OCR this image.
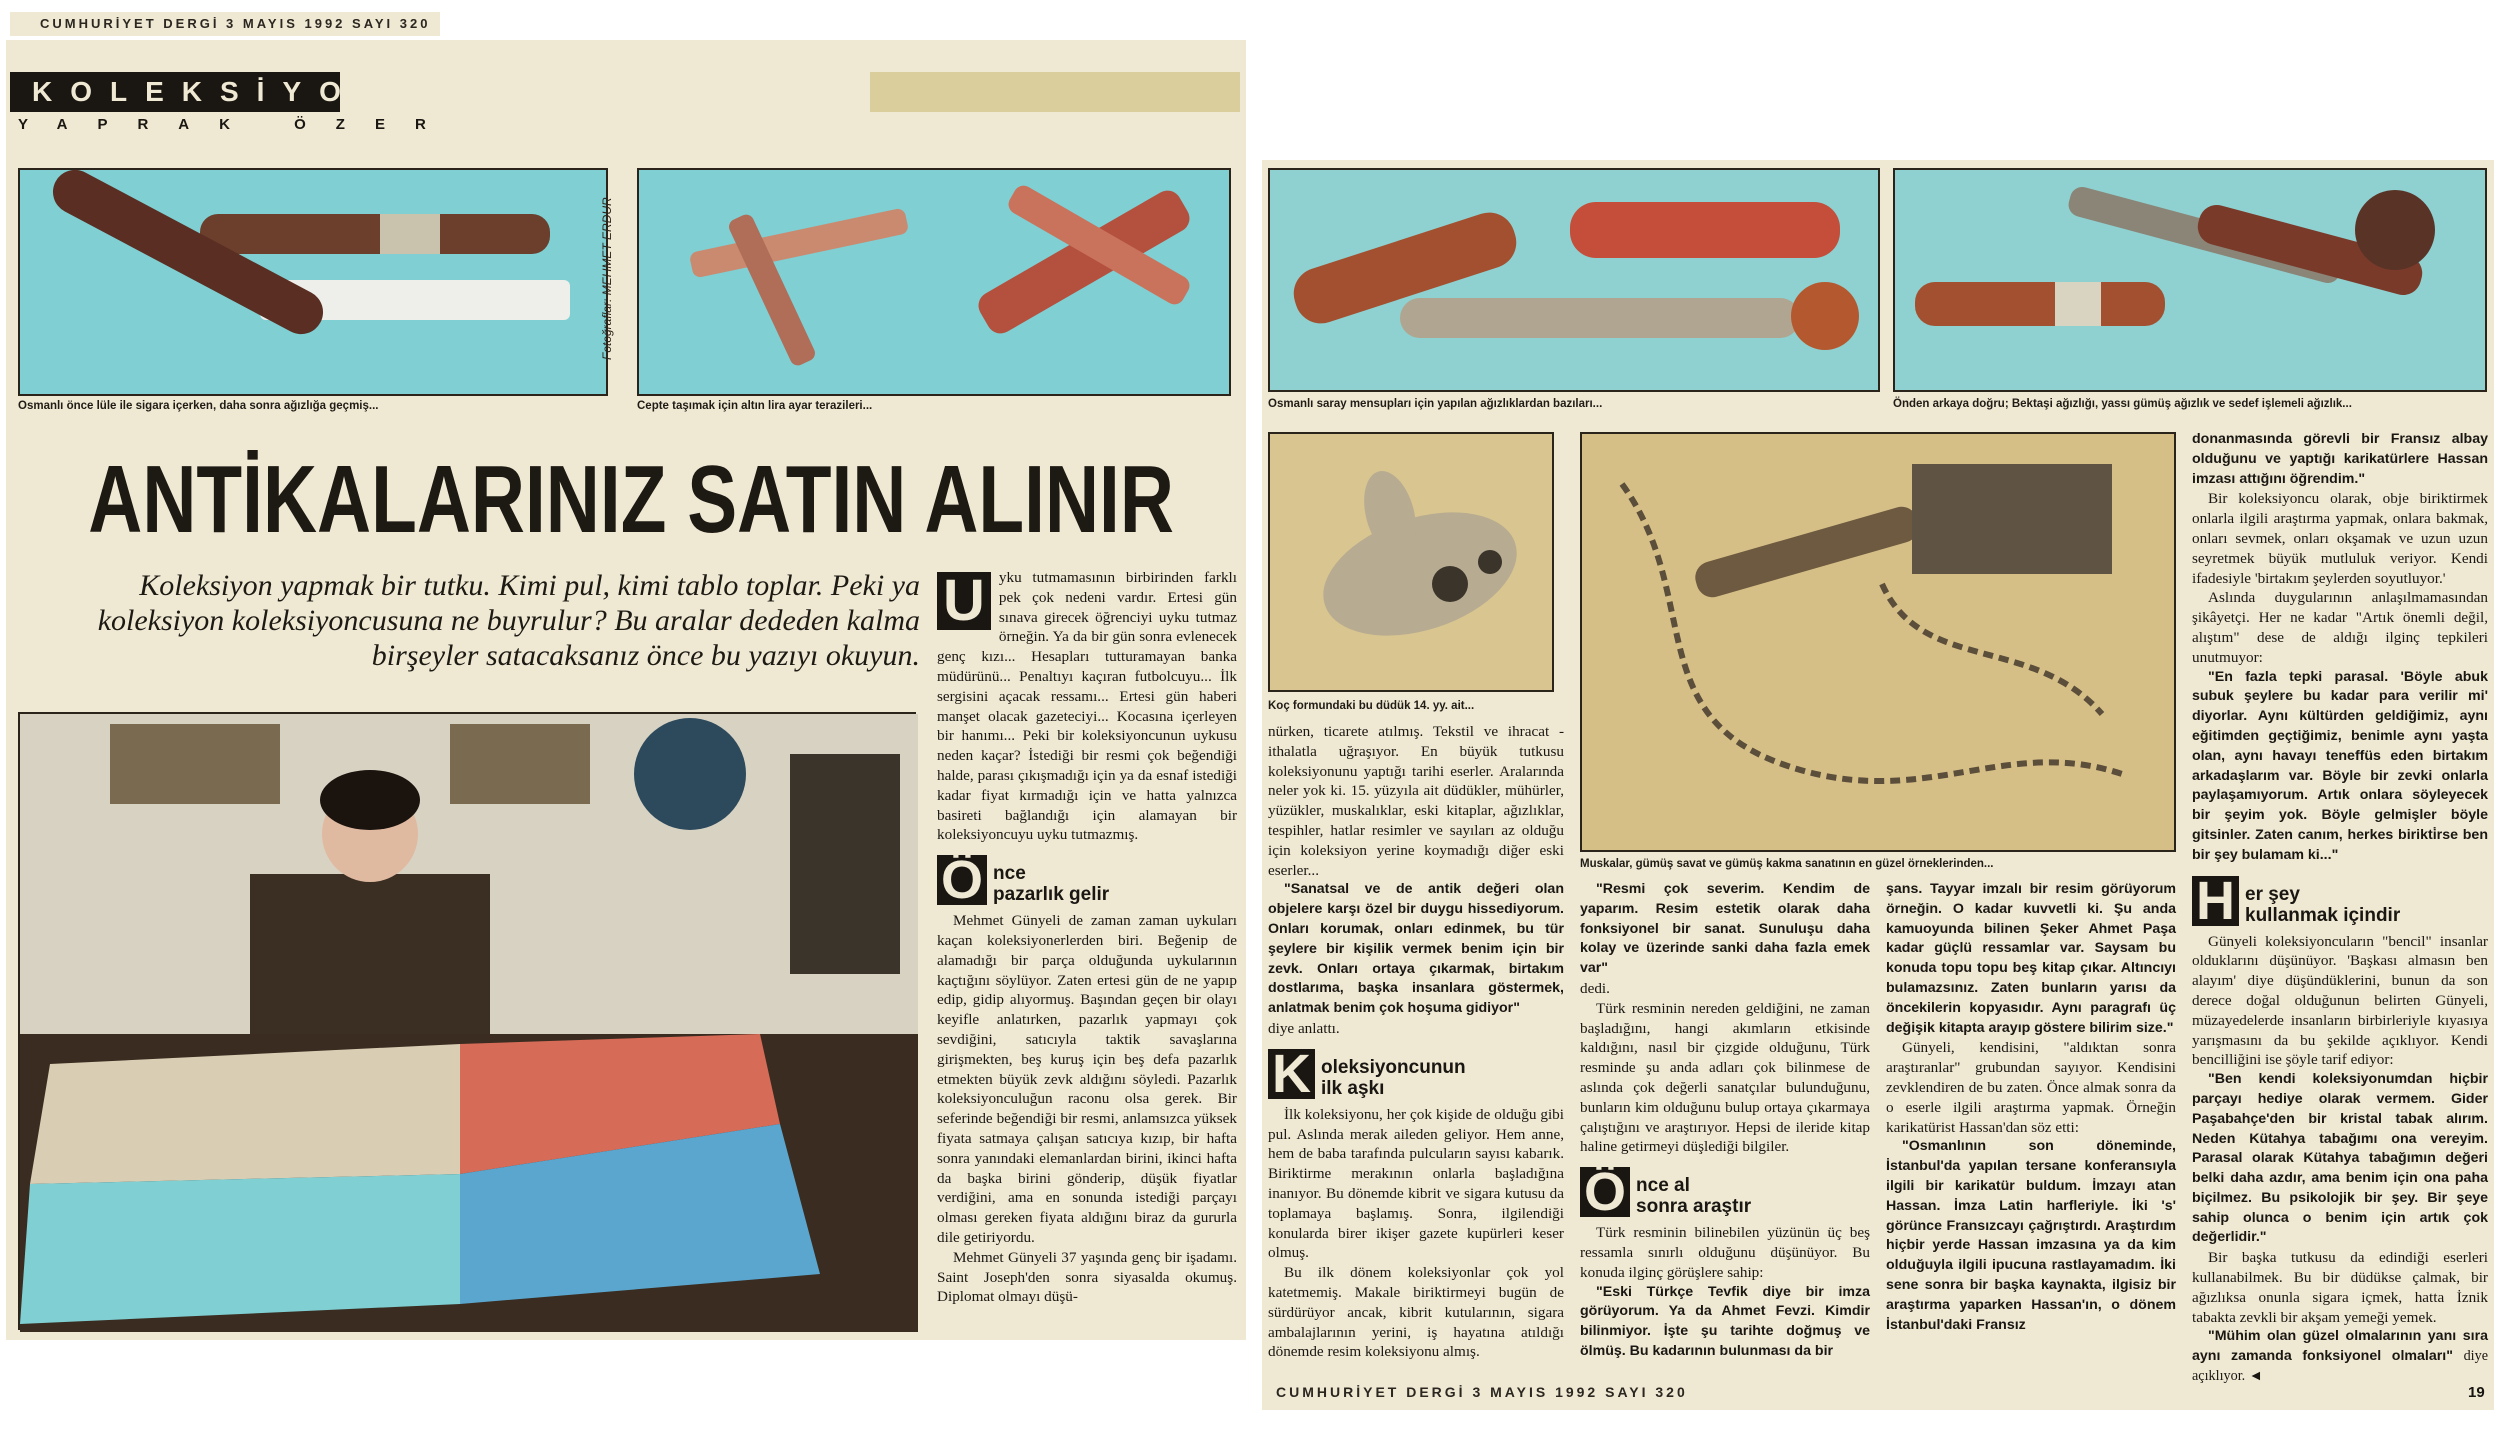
CUMHURİYET DERGİ 3 MAYIS 1992 SAYI 320
KOLEKSİYON
YAPRAK ÖZER
Osmanlı önce lüle ile sigara içerken, daha sonra ağızlığa geçmiş...
Fotoğraflar: MEHMET ERDUR
Cepte taşımak için altın lira ayar terazileri...
ANTİKALARINIZ SATIN ALINIR
Koleksiyon yapmak bir tutku. Kimi pul, kimi tablo toplar. Peki ya koleksiyon koleksiyoncusuna ne buyrulur? Bu aralar dededen kalma birşeyler satacaksanız önce bu yazıyı okuyun.

U yku tutmamasının birbirinden farklı pek çok nedeni vardır. Ertesi gün sınava girecek öğrenciyi uyku tutmaz örneğin. Ya da bir gün sonra evlenecek genç kızı... Hesapları tutturamayan banka müdürünü... Penaltıyı kaçıran futbolcuyu... İlk sergisini açacak ressamı... Ertesi gün haberi manşet olacak gazeteciyi... Kocasına içerleyen bir hanımı... Peki bir koleksiyoncunun uykusu neden kaçar? İstediği bir resmi çok beğendiği halde, parası çıkışmadığı için ya da esnaf istediği kadar fiyat kırmadığı için ve hatta yalnızca basireti bağlandığı için alamayan bir koleksiyoncuyu uyku tutmazmış.

Ö nce
pazarlık gelir

Mehmet Günyeli de zaman zaman uykuları kaçan koleksiyonerlerden biri. Beğenip de alamadığı bir parça olduğunda uykularının kaçtığını söylüyor. Zaten ertesi gün de ne yapıp edip, gidip alıyormuş. Başından geçen bir olayı keyifle anlatırken, pazarlık yapmayı çok sevdiğini, satıcıyla taktik savaşlarına girişmekten, beş kuruş için beş defa pazarlık etmekten büyük zevk aldığını söyledi. Pazarlık koleksiyonculuğun raconu olsa gerek. Bir seferinde beğendiği bir resmi, anlamsızca yüksek fiyata satmaya çalışan satıcıya kızıp, bir hafta sonra yanındaki elemanlardan birini, ikinci hafta da başka birini gönderip, düşük fiyatlar verdiğini, ama en sonunda istediği parçayı olması gereken fiyata aldığını biraz da gururla dile getiriyordu.

Mehmet Günyeli 37 yaşında genç bir işadamı. Saint Joseph'den sonra siyasalda okumuş. Diplomat olmayı düşü-

Osmanlı saray mensupları için yapılan ağızlıklardan bazıları...	Önden arkaya doğru; Bektaşi ağızlığı, yassı gümüş ağızlık ve sedef işlemeli ağızlık...
Koç formundaki bu düdük 14. yy. ait...
Muskalar, gümüş savat ve gümüş kakma sanatının en güzel örneklerinden...

nürken, ticarete atılmış. Tekstil ve ihracat - ithalatla uğraşıyor. En büyük tutkusu koleksiyonunu yaptığı tarihi eserler. Aralarında neler yok ki. 15. yüzyıla ait düdükler, mühürler, yüzükler, muskalıklar, eski kitaplar, ağızlıklar, tespihler, hatlar resimler ve sayıları az olduğu için koleksiyon yerine koymadığı diğer eski eserler...

"Sanatsal ve de antik değeri olan objelere karşı özel bir duygu hissediyorum. Onları korumak, onları edinmek, bu tür şeylere bir kişilik vermek benim için bir zevk. Onları ortaya çıkarmak, birtakım dostlarıma, başka insanlara göstermek, anlatmak benim çok hoşuma gidiyor"

diye anlattı.

K oleksiyoncunun
ilk aşkı

İlk koleksiyonu, her çok kişide de olduğu gibi pul. Aslında merak aileden geliyor. Hem anne, hem de baba tarafında pulcuların sayısı kabarık. Biriktirme merakının onlarla başladığına inanıyor. Bu dönemde kibrit ve sigara kutusu da toplamaya başlamış. Sonra, ilgilendiği konularda birer ikişer gazete kupürleri keser olmuş.

Bu ilk dönem koleksiyonlar çok yol katetmemiş. Makale biriktirmeyi bugün de sürdürüyor ancak, kibrit kutularının, sigara ambalajlarının yerini, iş hayatına atıldığı dönemde resim koleksiyonu almış.

"Resmi çok severim. Kendim de yaparım. Resim estetik olarak daha fonksiyonel bir sanat. Sunuluşu daha kolay ve üzerinde sanki daha fazla emek var"

dedi.

Türk resminin nereden geldiğini, ne zaman başladığını, hangi akımların etkisinde kaldığını, nasıl bir çizgide olduğunu, Türk resminde şu anda adları çok bilinmese de aslında çok değerli sanatçılar bulunduğunu, bunların kim olduğunu bulup ortaya çıkarmaya çalıştığını ve araştırıyor. Hepsi de ileride kitap haline getirmeyi düşlediği bilgiler.

Ö nce al
sonra araştır

Türk resminin bilinebilen yüzünün üç beş ressamla sınırlı olduğunu düşünüyor. Bu konuda ilginç görüşlere sahip:

"Eski Türkçe Tevfik diye bir imza görüyorum. Ya da Ahmet Fevzi. Kimdir bilinmiyor. İşte şu tarihte doğmuş ve ölmüş. Bu kadarının bulunması da bir

şans. Tayyar imzalı bir resim görüyorum örneğin. O kadar kuvvetli ki. Şu anda kamuoyunda bilinen Şeker Ahmet Paşa kadar güçlü ressamlar var. Saysam bu konuda topu topu beş kitap çıkar. Altıncıyı bulamazsınız. Zaten bunların yarısı da öncekilerin kopyasıdır. Aynı paragrafı üç değişik kitapta arayıp göstere bilirim size."

Günyeli, kendisini, "aldıktan sonra araştıranlar" grubundan sayıyor. Kendisini zevklendiren de bu zaten. Önce almak sonra da o eserle ilgili araştırma yapmak. Örneğin karikatürist Hassan'dan söz etti:

"Osmanlının son döneminde, İstanbul'da yapılan tersane konferansıyla ilgili bir karikatür buldum. İmzayı atan Hassan. İmza Latin harfleriyle. İki 's' görünce Fransızcayı çağrıştırdı. Araştırdım hiçbir yerde Hassan imzasına ya da kim olduğuyla ilgili ipucuna rastlayamadım. İki sene sonra bir başka kaynakta, ilgisiz bir araştırma yaparken Hassan'ın, o dönem İstanbul'daki Fransız

donanmasında görevli bir Fransız albay olduğunu ve yaptığı karikatürlere Hassan imzası attığını öğrendim."

Bir koleksiyoncu olarak, obje biriktirmek onlarla ilgili araştırma yapmak, onlara bakmak, onları sevmek, onları okşamak ve uzun uzun seyretmek büyük mutluluk veriyor. Kendi ifadesiyle 'birtakım şeylerden soyutluyor.'

Aslında duygularının anlaşılmamasından şikâyetçi. Her ne kadar "Artık önemli değil, alıştım" dese de aldığı ilginç tepkileri unutmuyor:

"En fazla tepki parasal. 'Böyle abuk subuk şeylere bu kadar para verilir mi' diyorlar. Aynı kültürden geldiğimiz, aynı eğitimden geçtiğimiz, benimle aynı yaşta olan, aynı havayı teneffüs eden birtakım arkadaşlarım var. Böyle bir zevki onlarla paylaşamıyorum. Artık onlara söyleyecek bir şeyim yok. Böyle gelmişler böyle gitsinler. Zaten canım, herkes birikti̇rse ben bir şey bulamam ki..."

H er şey
kullanmak içindir

Günyeli koleksiyoncuların "bencil" insanlar olduklarını düşünüyor. 'Başkası almasın ben alayım' diye düşündüklerini, bunun da son derece doğal olduğunun belirten Günyeli, müzayedelerde insanların birbirleriyle kıyasıya yarışmasını da bu şekilde açıklıyor. Kendi bencilliğini ise şöyle tarif ediyor:

"Ben kendi koleksiyonumdan hiçbir parçayı hediye olarak vermem. Gider Paşabahçe'den bir kristal tabak alırım. Neden Kütahya tabağımı ona vereyim. Parasal olarak Kütahya tabağımın değeri belki daha azdır, ama benim için ona paha biçilmez. Bu psikolojik bir şey. Bir şeye sahip olunca o benim için artık çok değerlidir."

Bir başka tutkusu da edindiği eserleri kullanabilmek. Bu bir düdükse çalmak, bir ağızlıksa onunla sigara içmek, hatta İznik tabakta zevkli bir akşam yemeği yemek.

"Mühim olan güzel olmalarının yanı sıra aynı zamanda fonksiyonel olmaları" diye açıklıyor. ◄

CUMHURİYET DERGİ 3 MAYIS 1992 SAYI 320	19
